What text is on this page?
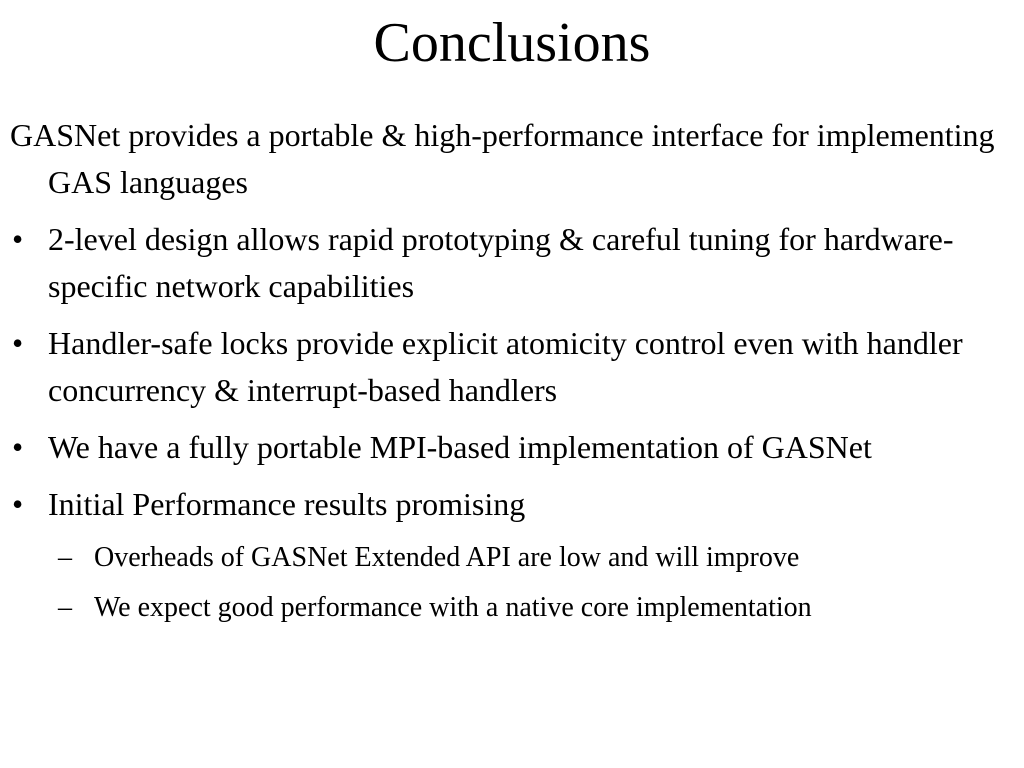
Conclusions
GASNet provides a portable & high-performance interface for implementing GAS languages
• 2-level design allows rapid prototyping & careful tuning for hardware-specific network capabilities
• Handler-safe locks provide explicit atomicity control even with handler concurrency & interrupt-based handlers
• We have a fully portable MPI-based implementation of GASNet
• Initial Performance results promising
– Overheads of GASNet Extended API are low and will improve
– We expect good performance with a native core implementation
